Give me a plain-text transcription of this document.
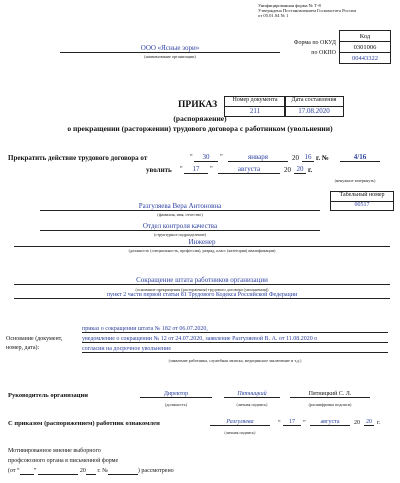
Унифицированная форма № Т-8
Утверждена Постановлением Госкомстата России
от 05.01.04 № 1
Форма по ОКУД
по ОКПО
Код
0301006
00443322
ООО «Ясные зори»
(наименование организации)
Номер документа	Дата составления
211	17.08.2020
ПРИКАЗ
(распоряжение)
о прекращении (расторжении) трудового договора с работником (увольнении)
Прекратить действие трудового договора от	“	30	”	января	20 16 г. №	4/16
уволить “	17	”	августа	20 20 г.
(ненужное зачеркнуть)
Табельный номер
00517
Разгуляева Вера Антоновна
(фамилия, имя, отчество)
Отдел контроля качества
(структурное подразделение)
Инженер
(должность (специальность, профессия), разряд, класс (категория) квалификации)
Сокращение штата работников организации
(основание прекращения (расторжения) трудового договора (увольнения))
пункт 2 части первой статьи 81 Трудового Кодекса Российской Федерации
Основание (документ,
номер, дата):
приказ о сокращении штата № 182 от 06.07.2020,
уведомление о сокращении № 12 от 24.07.2020, заявление Разгуляевой В. А. от 11.08.2020 о
согласии на досрочное увольнение
(заявление работника, служебная записка, медицинское заключение и т.д.)
Руководитель организации	Директор	Пятницкий	Пятницкий С. Л.
(должность)	(личная подпись)	(расшифровка подписи)
С приказом (распоряжением) работник ознакомлен	Разгуляева
(личная подпись)
“	17	”	августа	20	20 г.
Мотивированное мнение выборного
профсоюзного органа в письменной форме
(от “ ”	20 г. №	) рассмотрено
